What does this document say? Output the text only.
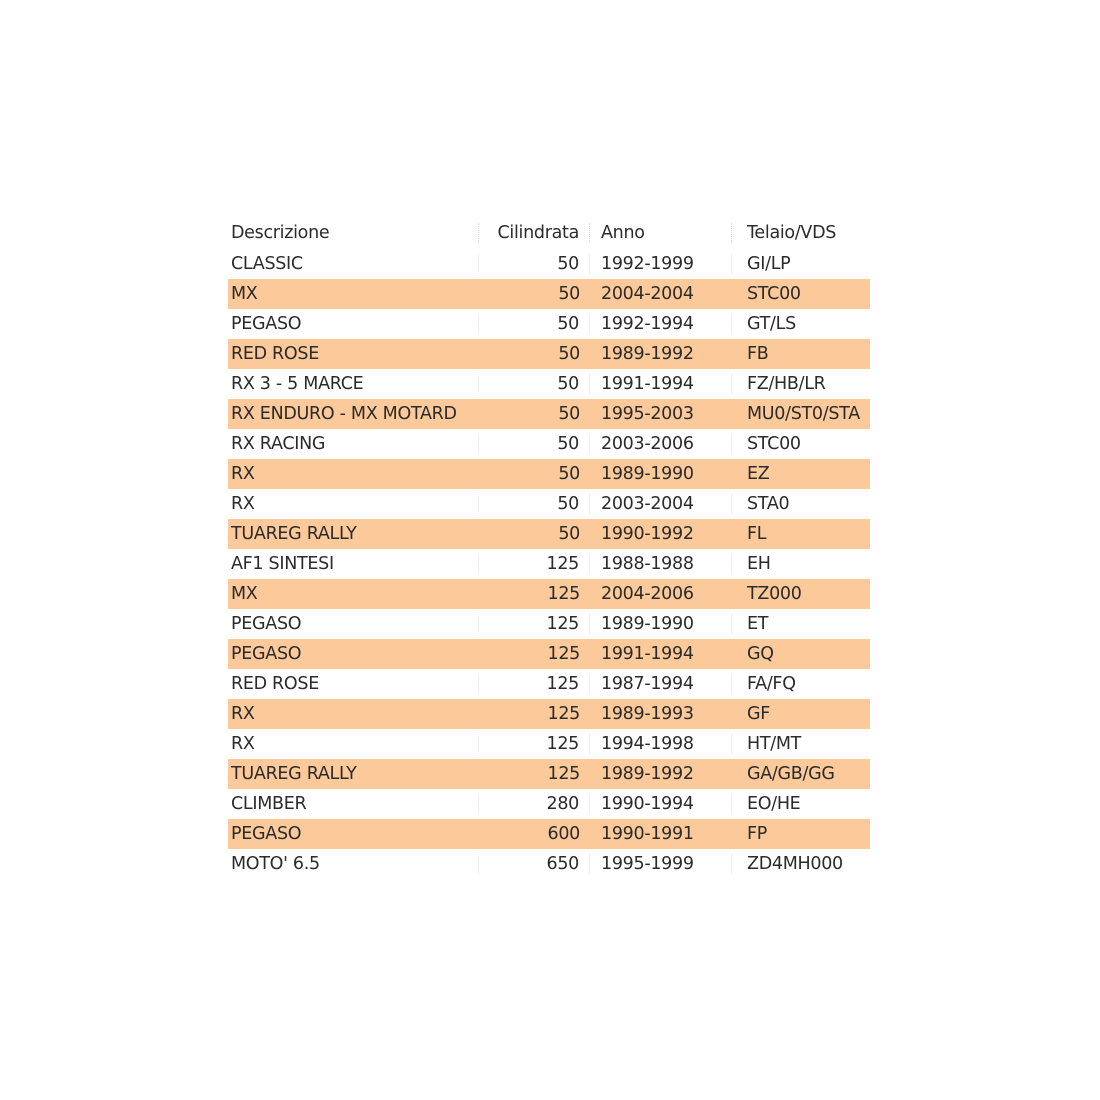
Descrizione	Cilindrata	Anno	Telaio/VDS
CLASSIC	50	1992-1999	GI/LP
MX	50	2004-2004	STC00
PEGASO	50	1992-1994	GT/LS
RED ROSE	50	1989-1992	FB
RX 3 - 5 MARCE	50	1991-1994	FZ/HB/LR
RX ENDURO - MX MOTARD	50	1995-2003	MU0/ST0/STA
RX RACING	50	2003-2006	STC00
RX	50	1989-1990	EZ
RX	50	2003-2004	STA0
TUAREG RALLY	50	1990-1992	FL
AF1 SINTESI	125	1988-1988	EH
MX	125	2004-2006	TZ000
PEGASO	125	1989-1990	ET
PEGASO	125	1991-1994	GQ
RED ROSE	125	1987-1994	FA/FQ
RX	125	1989-1993	GF
RX	125	1994-1998	HT/MT
TUAREG RALLY	125	1989-1992	GA/GB/GG
CLIMBER	280	1990-1994	EO/HE
PEGASO	600	1990-1991	FP
MOTO' 6.5	650	1995-1999	ZD4MH000
